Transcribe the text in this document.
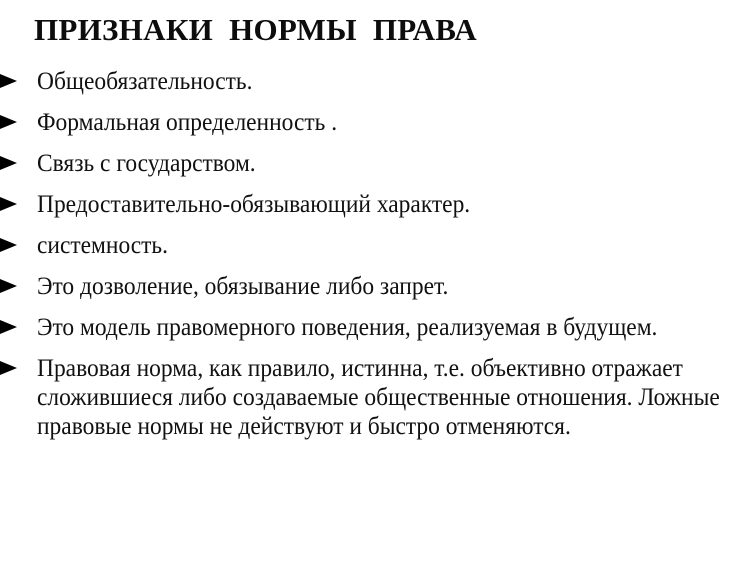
ПРИЗНАКИ НОРМЫ ПРАВА
Общеобязательность.
Формальная определенность .
Связь с государством.
Предоставительно-обязывающий характер.
системность.
Это дозволение, обязывание либо запрет.
Это модель правомерного поведения, реализуемая в будущем.
Правовая норма, как правило, истинна, т.е. объективно отражает сложившиеся либо создаваемые общественные отношения. Ложные правовые нормы не действуют и быстро отменяются.
